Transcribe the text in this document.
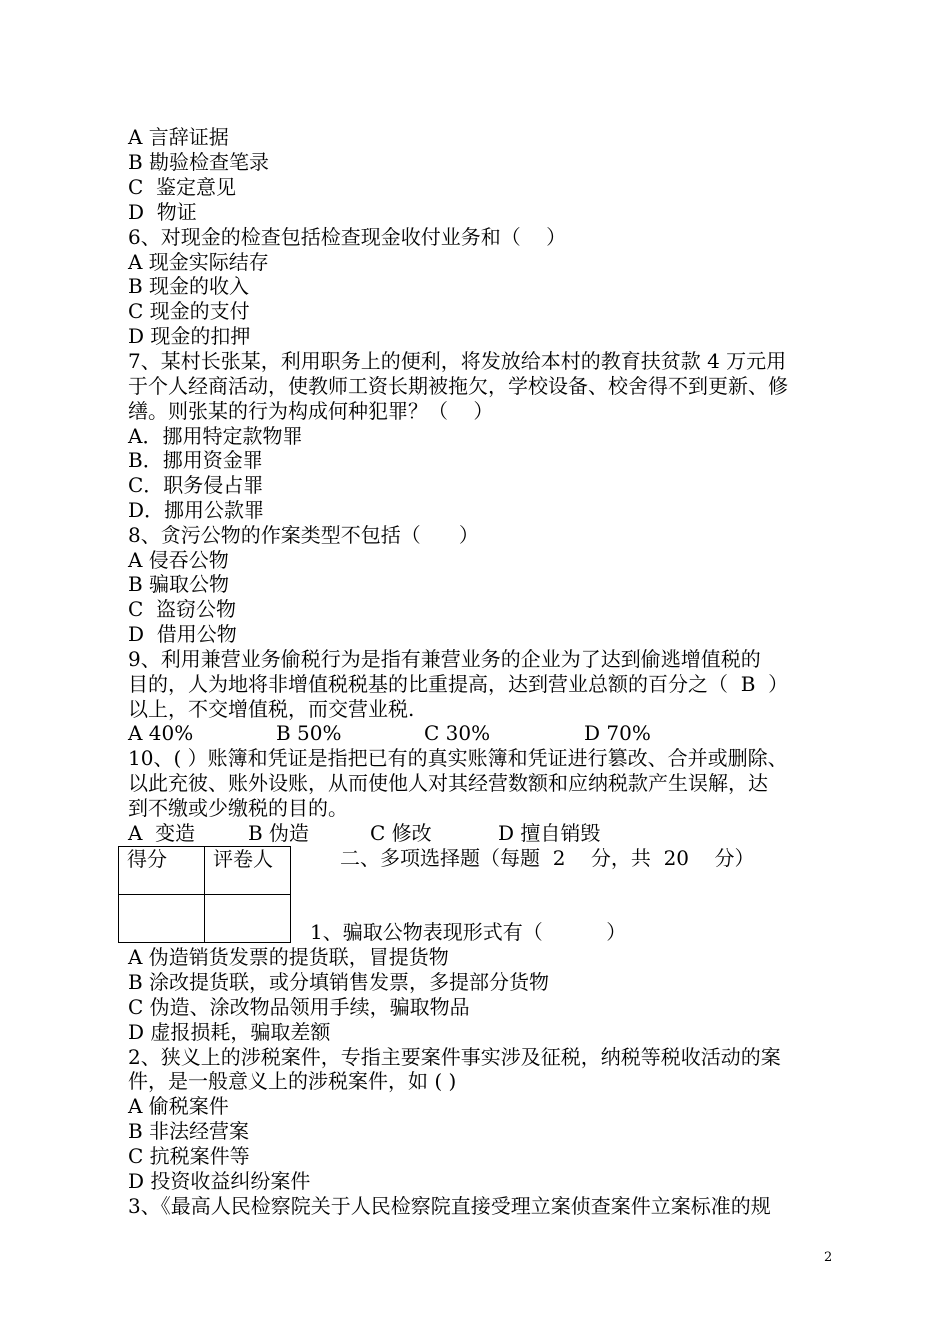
A 言辞证据
B 勘验检查笔录
C  鉴定意见
D  物证
6、对现金的检查包括检查现金收付业务和（    ）
A 现金实际结存
B 现金的收入
C 现金的支付
D 现金的扣押
7、某村长张某，利用职务上的便利，将发放给本村的教育扶贫款 4 万元用
于个人经商活动，使教师工资长期被拖欠，学校设备、校舍得不到更新、修
缮。则张某的行为构成何种犯罪？（    ）
A．挪用特定款物罪
B．挪用资金罪
C．职务侵占罪
D．挪用公款罪
8、贪污公物的作案类型不包括（      ）
A 侵吞公物
B 骗取公物
C  盗窃公物
D  借用公物
9、利用兼营业务偷税行为是指有兼营业务的企业为了达到偷逃增值税的
目的，人为地将非增值税税基的比重提高，达到营业总额的百分之（  B  ）
以上，不交增值税，而交营业税.
A 40%	B 50%	C 30%	D 70%
10、( ）账簿和凭证是指把已有的真实账簿和凭证进行篡改、合并或删除、
以此充彼、账外设账，从而使他人对其经营数额和应纳税款产生误解，达
到不缴或少缴税的目的。
A  变造	B 伪造	C 修改	D 擅自销毁
得分	评卷人
		二、多项选择题（每题  2    分，共  20    分）
1、骗取公物表现形式有（          ）
A 伪造销货发票的提货联，冒提货物
B 涂改提货联，或分填销售发票，多提部分货物
C 伪造、涂改物品领用手续，骗取物品
D 虚报损耗，骗取差额
2、狭义上的涉税案件，专指主要案件事实涉及征税，纳税等税收活动的案
件，是一般意义上的涉税案件，如 ( )
A 偷税案件
B 非法经营案
C 抗税案件等
D 投资收益纠纷案件
3、《最高人民检察院关于人民检察院直接受理立案侦查案件立案标准的规
2
